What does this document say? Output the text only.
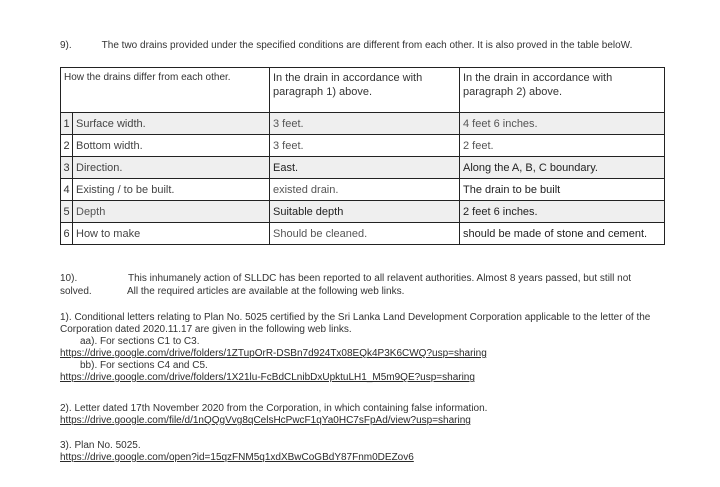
9).	The two drains provided under the specified conditions are different from each other. It is also proved in the table beloW.
How the drains differ from each other.		In the drain in accordance with paragraph 1) above.	In the drain in accordance with paragraph 2) above.
1	Surface width.	3 feet.	4 feet 6 inches.
2	Bottom width.	3 feet.	2 feet.
3	Direction.	East.	Along the A, B, C boundary.
4	Existing / to be built.	existed drain.	The drain to be built
5	Depth	Suitable depth	2 feet 6 inches.
6	How to make	Should be cleaned.	should be made of stone and cement.
10).	This inhumanely action of SLLDC has been reported to all relavent authorities. Almost 8 years passed, but still not
solved.	All the required articles are available at the following web links.
1). Conditional letters relating to Plan No. 5025 certified by the Sri Lanka Land Development Corporation applicable to the letter of the Corporation dated 2020.11.17 are given in the following web links.
aa). For sections C1 to C3.
https://drive.google.com/drive/folders/1ZTupOrR-DSBn7d924Tx08EQk4P3K6CWQ?usp=sharing
bb). For sections C4 and C5.
https://drive.google.com/drive/folders/1X21lu-FcBdCLnibDxUpktuLH1_M5m9QE?usp=sharing
2). Letter dated 17th November 2020 from the Corporation, in which containing false information.
https://drive.google.com/file/d/1nQQgVvg8qCelsHcPwcF1qYa0HC7sFpAd/view?usp=sharing
3). Plan No. 5025.
https://drive.google.com/open?id=15qzFNM5q1xdXBwCoGBdY87Fnm0DEZov6
